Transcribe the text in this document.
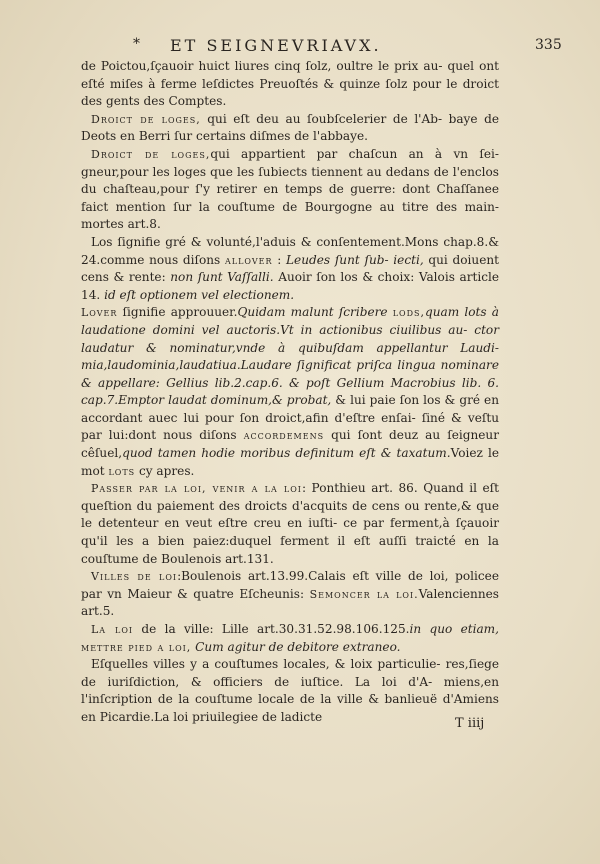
* ET SEIGNEVRIAVX.	335

de Poictou,ſçauoir huict liures cinq ſolz, oultre le prix au- quel ont eſté miſes à ferme leſdictes Preuoſtés & quinze ſolz pour le droict des gents des Comptes.

Droict de loges, qui eſt deu au ſoubſcelerier de l'Ab- baye de Deots en Berri ſur certains diſmes de l'abbaye.

Droict de loges,qui appartient par chaſcun an à vn ſei- gneur,pour les loges que les ſubiects tiennent au dedans de l'enclos du chaſteau,pour ſ'y retirer en temps de guerre: dont Chaſſanee faict mention ſur la couſtume de Bourgogne au titre des main-mortes art.8.

Los ſignifie gré & volunté,l'aduis & conſentement.Mons chap.8.& 24.comme nous diſons allover : Leudes ſunt ſub- iecti, qui doiuent cens & rente: non ſunt Vaſſalli. Auoir ſon los & choix: Valois article 14. id eſt optionem vel electionem.

Lover ſignifie approuuer.Quidam malunt ſcribere lods,quam lots à laudatione domini vel auctoris.Vt in actionibus ciuilibus au- ctor laudatur & nominatur,vnde à quibuſdam appellantur Laudi- mia,laudominia,laudatiua.Laudare ſignificat priſca lingua nominare & appellare: Gellius lib.2.cap.6. & poſt Gellium Macrobius lib. 6. cap.7.Emptor laudat dominum,& probat, & lui paie ſon los & gré en accordant auec lui pour ſon droict,afin d'eſtre enſai- ſiné & veſtu par lui:dont nous diſons accordemens qui ſont deuz au ſeigneur cêſuel,quod tamen hodie moribus definitum eſt & taxatum.Voiez le mot lots cy apres.

Passer par la loi, venir a la loi: Ponthieu art. 86. Quand il eſt queſtion du paiement des droicts d'acquits de cens ou rente,& que le detenteur en veut eſtre creu en iuſti- ce par ferment,à ſçauoir qu'il les a bien paiez:duquel ferment il eſt auſſi traicté en la couſtume de Boulenois art.131.

Villes de loi:Boulenois art.13.99.Calais eſt ville de loi, policee par vn Maieur & quatre Eſcheunis: Semoncer la loi.Valenciennes art.5.

La loi de la ville: Lille art.30.31.52.98.106.125.in quo etiam, mettre pied a loi, Cum agitur de debitore extraneo.

Eſquelles villes y a couſtumes locales, & loix particulie- res,ſiege de iuriſdiction, & officiers de iuſtice. La loi d'A- miens,en l'inſcription de la couſtume locale de la ville & banlieuë d'Amiens en Picardie.La loi priuilegiee de ladicte	T iiij
